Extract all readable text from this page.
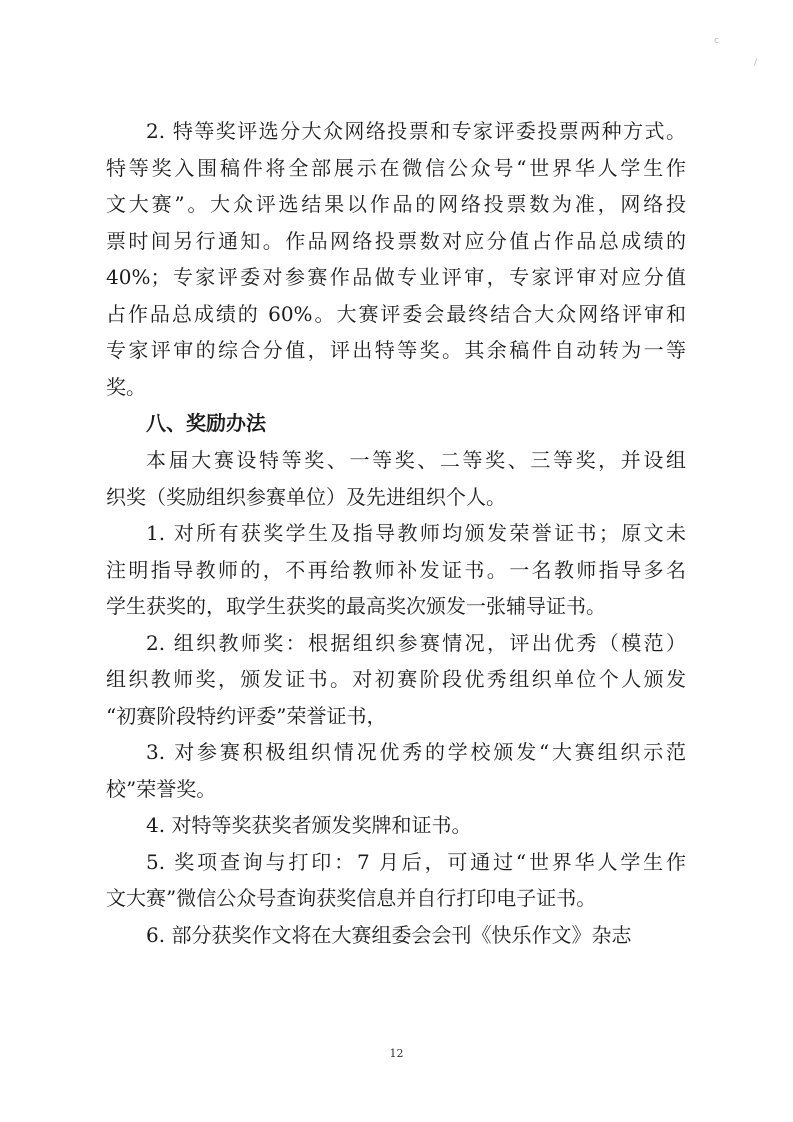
c
/
2. 特等奖评选分大众网络投票和专家评委投票两种方式。
特等奖入围稿件将全部展示在微信公众号“世界华人学生作
文大赛”。大众评选结果以作品的网络投票数为准，网络投
票时间另行通知。作品网络投票数对应分值占作品总成绩的
40%；专家评委对参赛作品做专业评审，专家评审对应分值
占作品总成绩的 60%。大赛评委会最终结合大众网络评审和
专家评审的综合分值，评出特等奖。其余稿件自动转为一等
奖。
八、奖励办法
本届大赛设特等奖、一等奖、二等奖、三等奖，并设组
织奖（奖励组织参赛单位）及先进组织个人。
1. 对所有获奖学生及指导教师均颁发荣誉证书；原文未
注明指导教师的，不再给教师补发证书。一名教师指导多名
学生获奖的，取学生获奖的最高奖次颁发一张辅导证书。
2. 组织教师奖：根据组织参赛情况，评出优秀（模范）
组织教师奖，颁发证书。对初赛阶段优秀组织单位个人颁发
“初赛阶段特约评委”荣誉证书，
3. 对参赛积极组织情况优秀的学校颁发“大赛组织示范
校”荣誉奖。
4. 对特等奖获奖者颁发奖牌和证书。
5. 奖项查询与打印：7 月后，可通过“世界华人学生作
文大赛”微信公众号查询获奖信息并自行打印电子证书。
6. 部分获奖作文将在大赛组委会会刊《快乐作文》杂志
12
